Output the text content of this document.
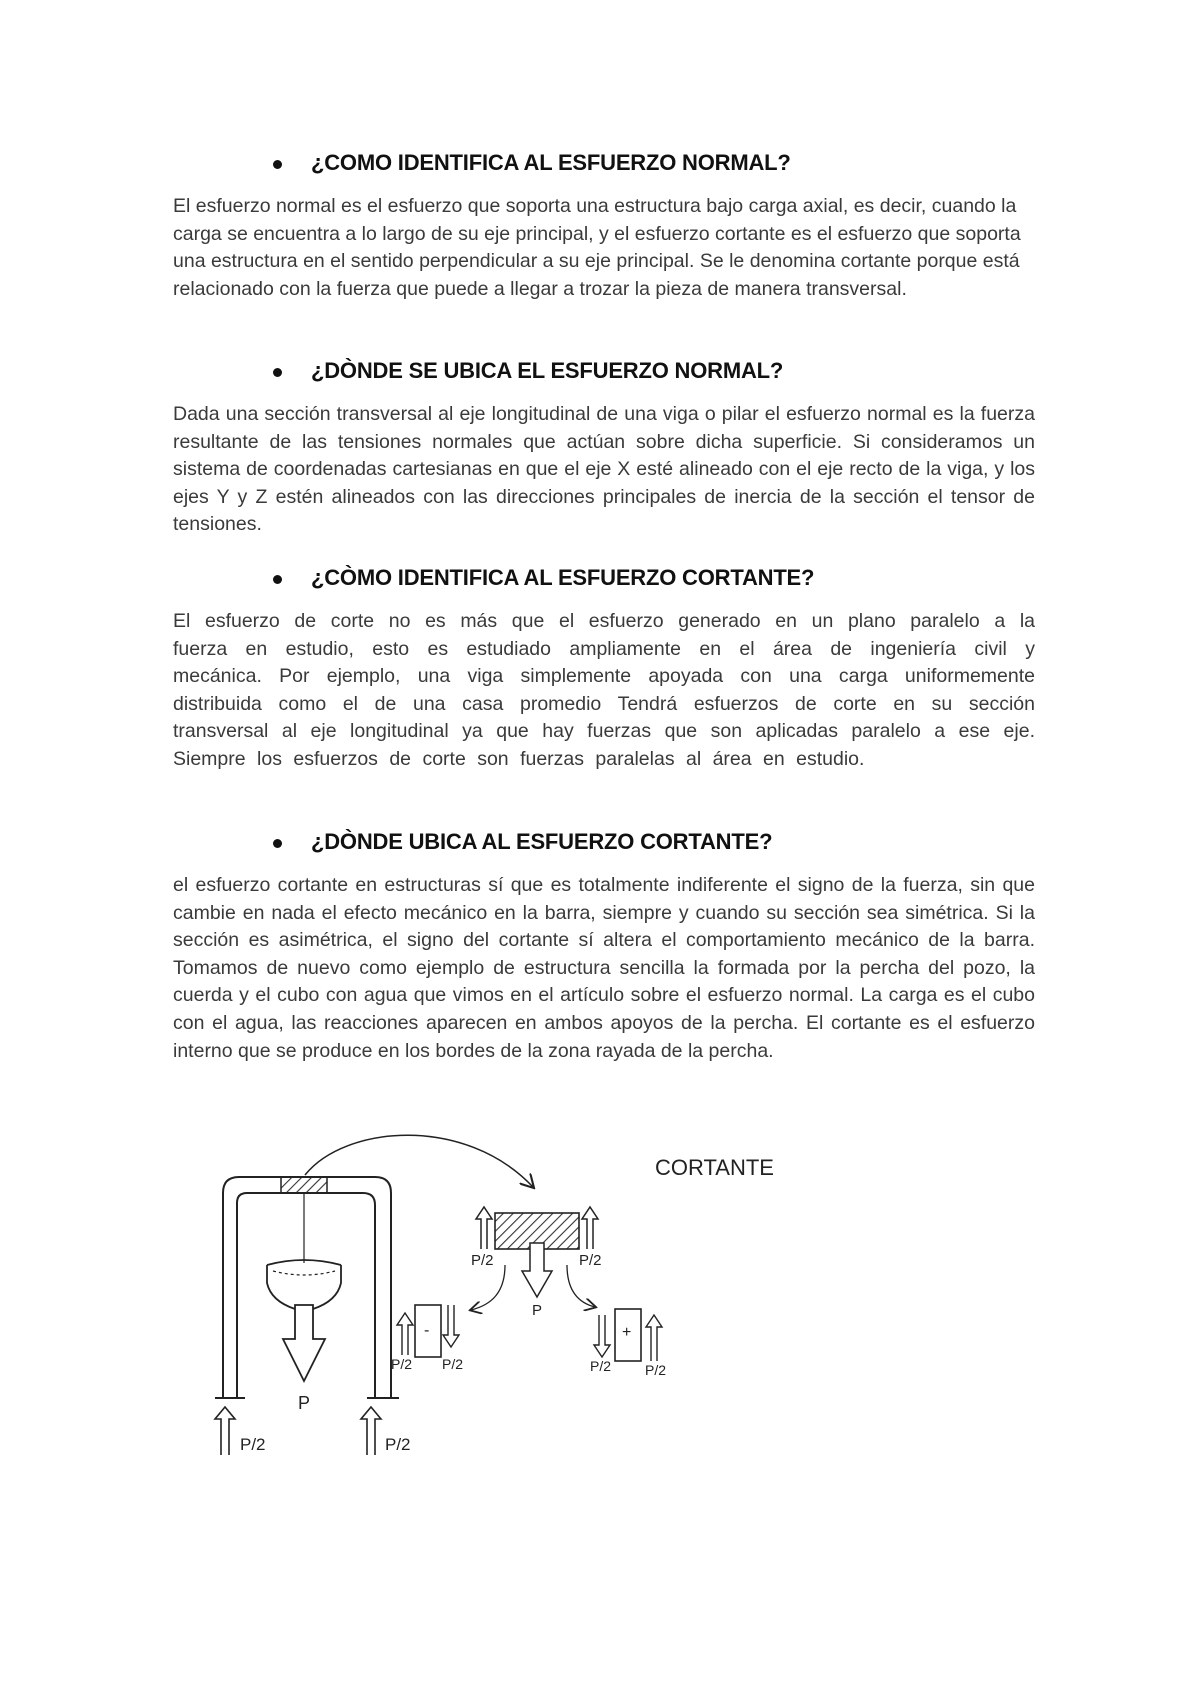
¿COMO IDENTIFICA AL ESFUERZO NORMAL?

El esfuerzo normal es el esfuerzo que soporta una estructura bajo carga axial, es decir, cuando la carga se encuentra a lo largo de su eje principal, y el esfuerzo cortante es el esfuerzo que soporta una estructura en el sentido perpendicular a su eje principal. Se le denomina cortante porque está relacionado con la fuerza que puede a llegar a trozar la pieza de manera transversal.

¿DÒNDE SE UBICA EL ESFUERZO NORMAL?

Dada una sección transversal al eje longitudinal de una viga o pilar el esfuerzo normal es la fuerza resultante de las tensiones normales que actúan sobre dicha superficie. Si consideramos un sistema de coordenadas cartesianas en que el eje X esté alineado con el eje recto de la viga, y los ejes Y y Z estén alineados con las direcciones principales de inercia de la sección el tensor de tensiones.

¿CÒMO IDENTIFICA AL ESFUERZO CORTANTE?

El esfuerzo de corte no es más que el esfuerzo generado en un plano paralelo a la fuerza en estudio, esto es estudiado ampliamente en el área de ingeniería civil y mecánica. Por ejemplo, una viga simplemente apoyada con una carga uniformemente distribuida como el de una casa promedio Tendrá esfuerzos de corte en su sección transversal al eje longitudinal ya que hay fuerzas que son aplicadas paralelo a ese eje. Siempre los esfuerzos de corte son fuerzas paralelas al área en estudio.

¿DÒNDE UBICA AL ESFUERZO CORTANTE?

el esfuerzo cortante en estructuras sí que es totalmente indiferente el signo de la fuerza, sin que cambie en nada el efecto mecánico en la barra, siempre y cuando su sección sea simétrica. Si la sección es asimétrica, el signo del cortante sí altera el comportamiento mecánico de la barra. Tomamos de nuevo como ejemplo de estructura sencilla la formada por la percha del pozo, la cuerda y el cubo con agua que vimos en el artículo sobre el esfuerzo normal. La carga es el cubo con el agua, las reacciones aparecen en ambos apoyos de la percha. El cortante es el esfuerzo interno que se produce en los bordes de la zona rayada de la percha.

P
P/2	P/2
CORTANTE
P/2	P/2
P
-
P/2 P/2
+
P/2 P/2
